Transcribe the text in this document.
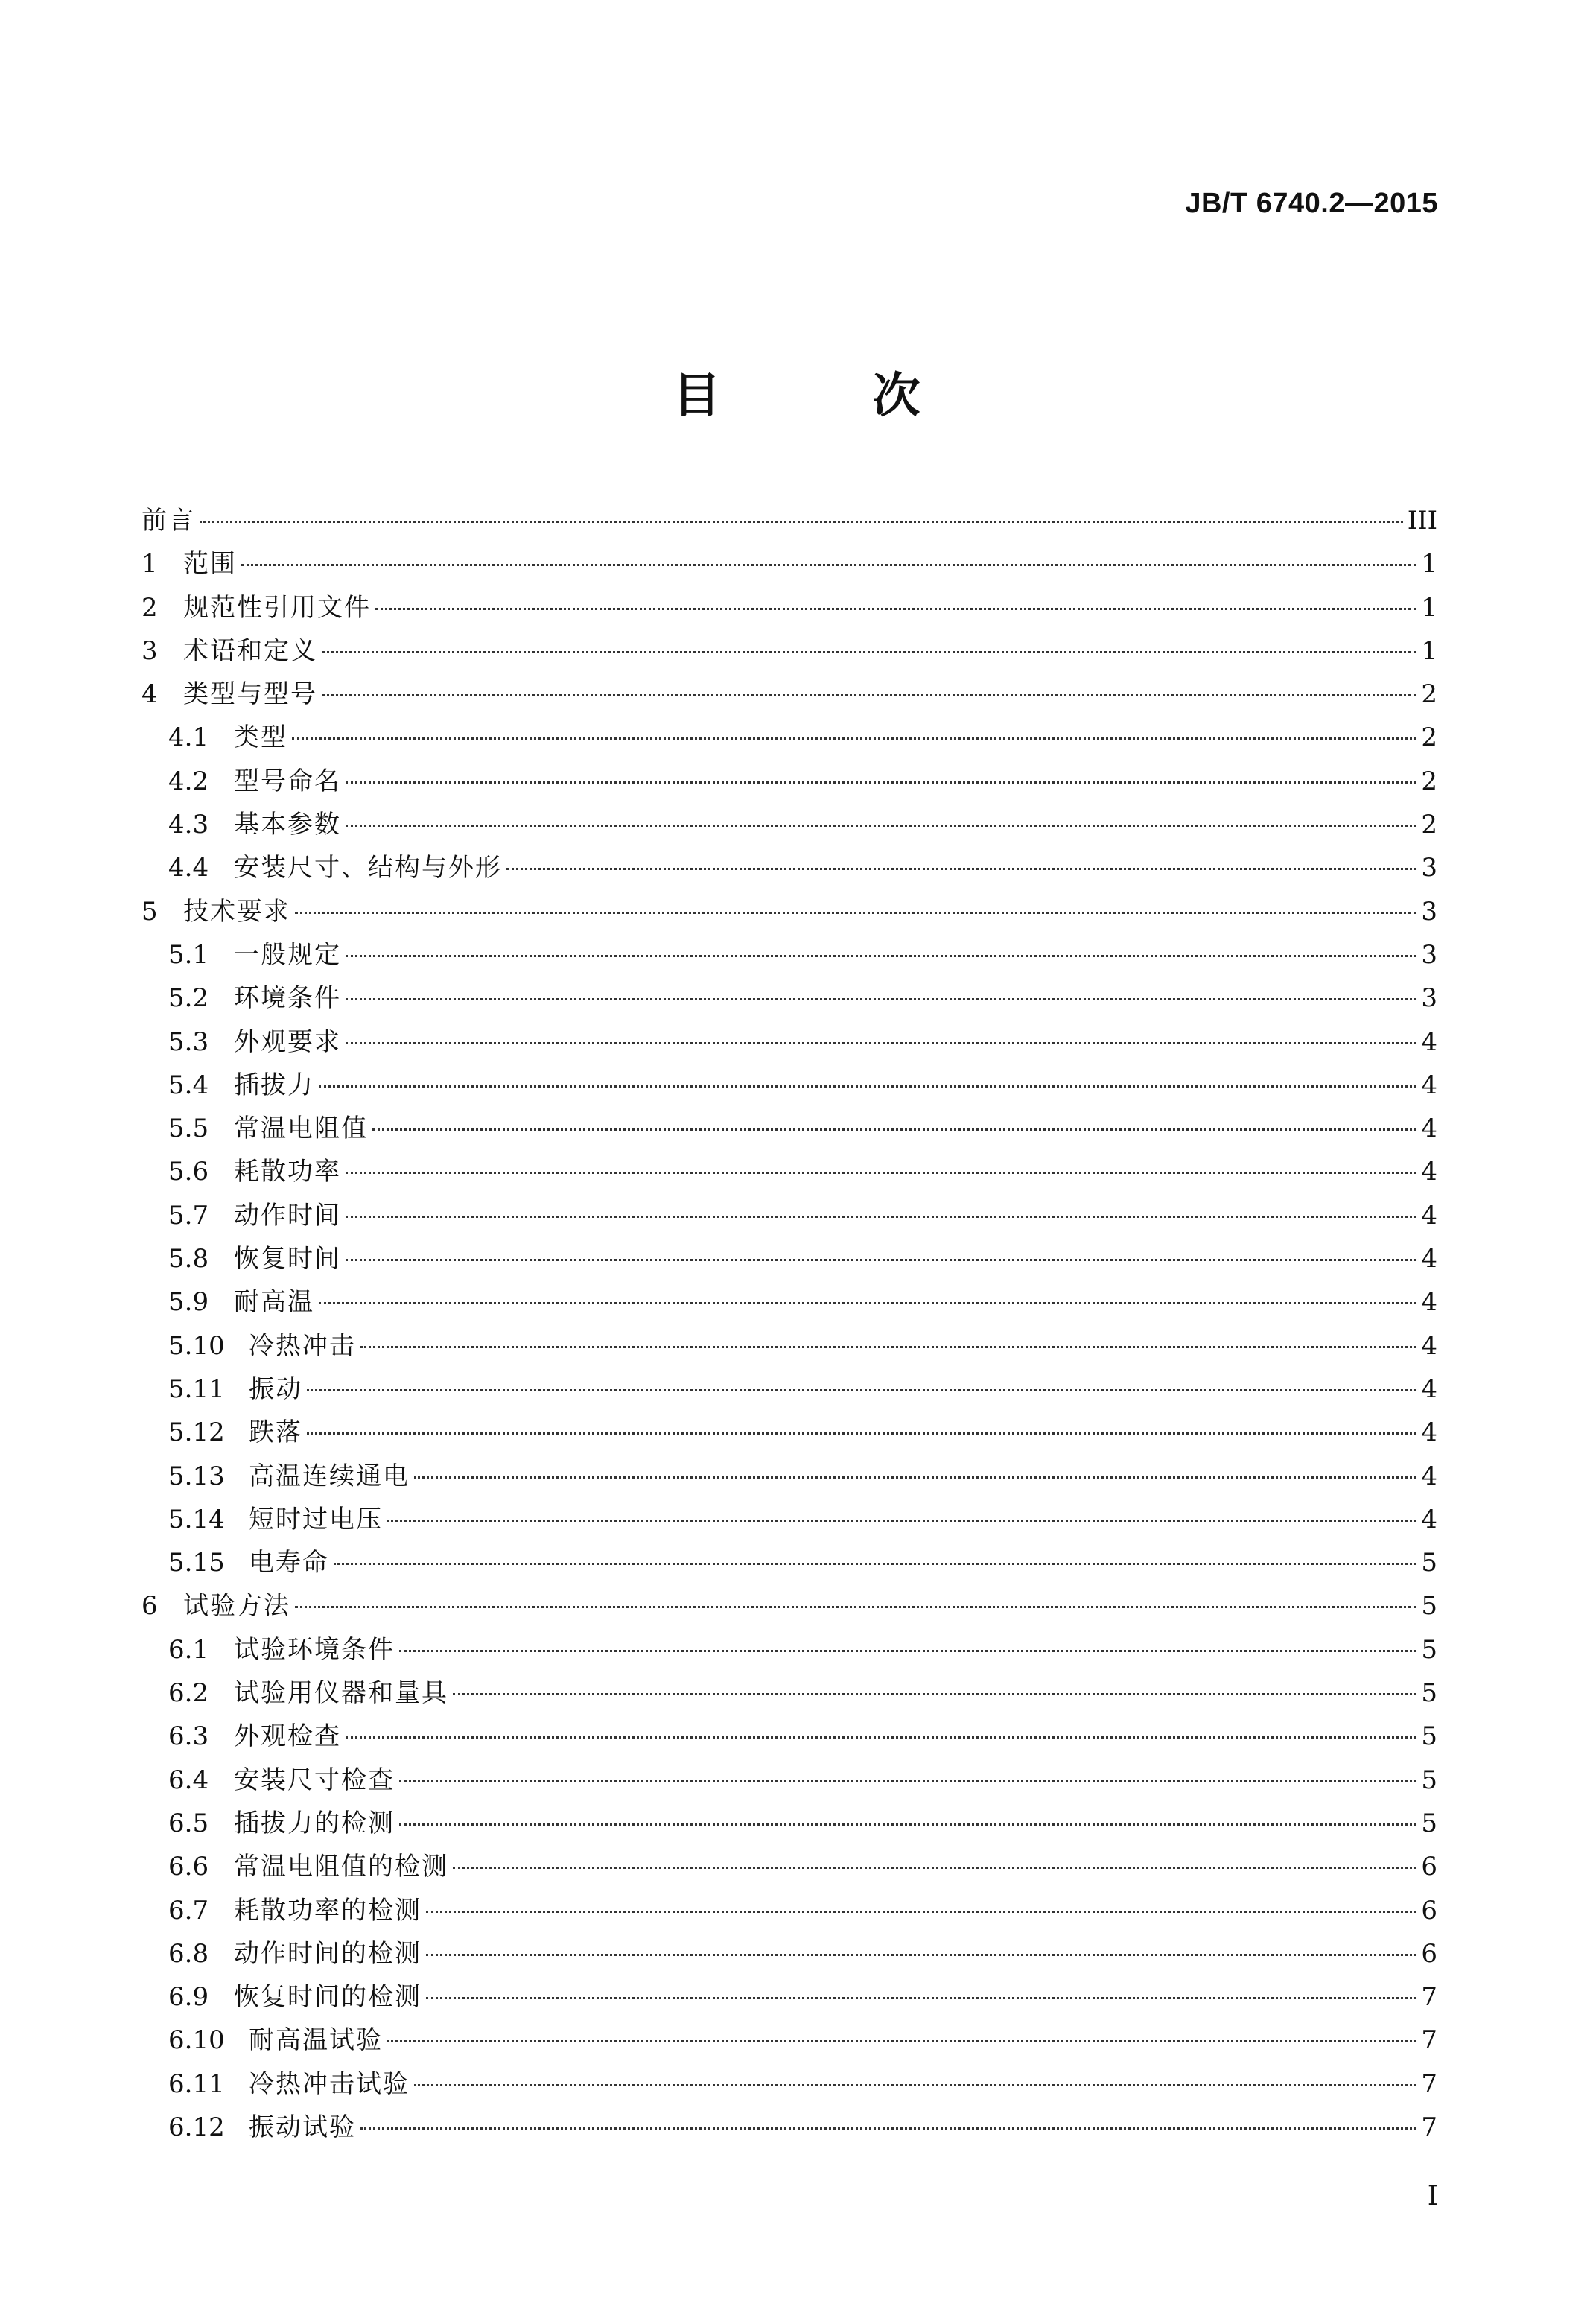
JB/T 6740.2—2015
目　次
前言	III
1	范围	1
2	规范性引用文件	1
3	术语和定义	1
4	类型与型号	2
4.1 类型	2
4.2 型号命名	2
4.3 基本参数	2
4.4 安装尺寸、结构与外形	3
5	技术要求	3
5.1 一般规定	3
5.2 环境条件	3
5.3 外观要求	4
5.4 插拔力	4
5.5 常温电阻值	4
5.6 耗散功率	4
5.7 动作时间	4
5.8 恢复时间	4
5.9 耐高温	4
5.10 冷热冲击	4
5.11 振动	4
5.12 跌落	4
5.13 高温连续通电	4
5.14 短时过电压	4
5.15 电寿命	5
6	试验方法	5
6.1 试验环境条件	5
6.2 试验用仪器和量具	5
6.3 外观检查	5
6.4 安装尺寸检查	5
6.5 插拔力的检测	5
6.6 常温电阻值的检测	6
6.7 耗散功率的检测	6
6.8 动作时间的检测	6
6.9 恢复时间的检测	7
6.10 耐高温试验	7
6.11 冷热冲击试验	7
6.12 振动试验	7
I
